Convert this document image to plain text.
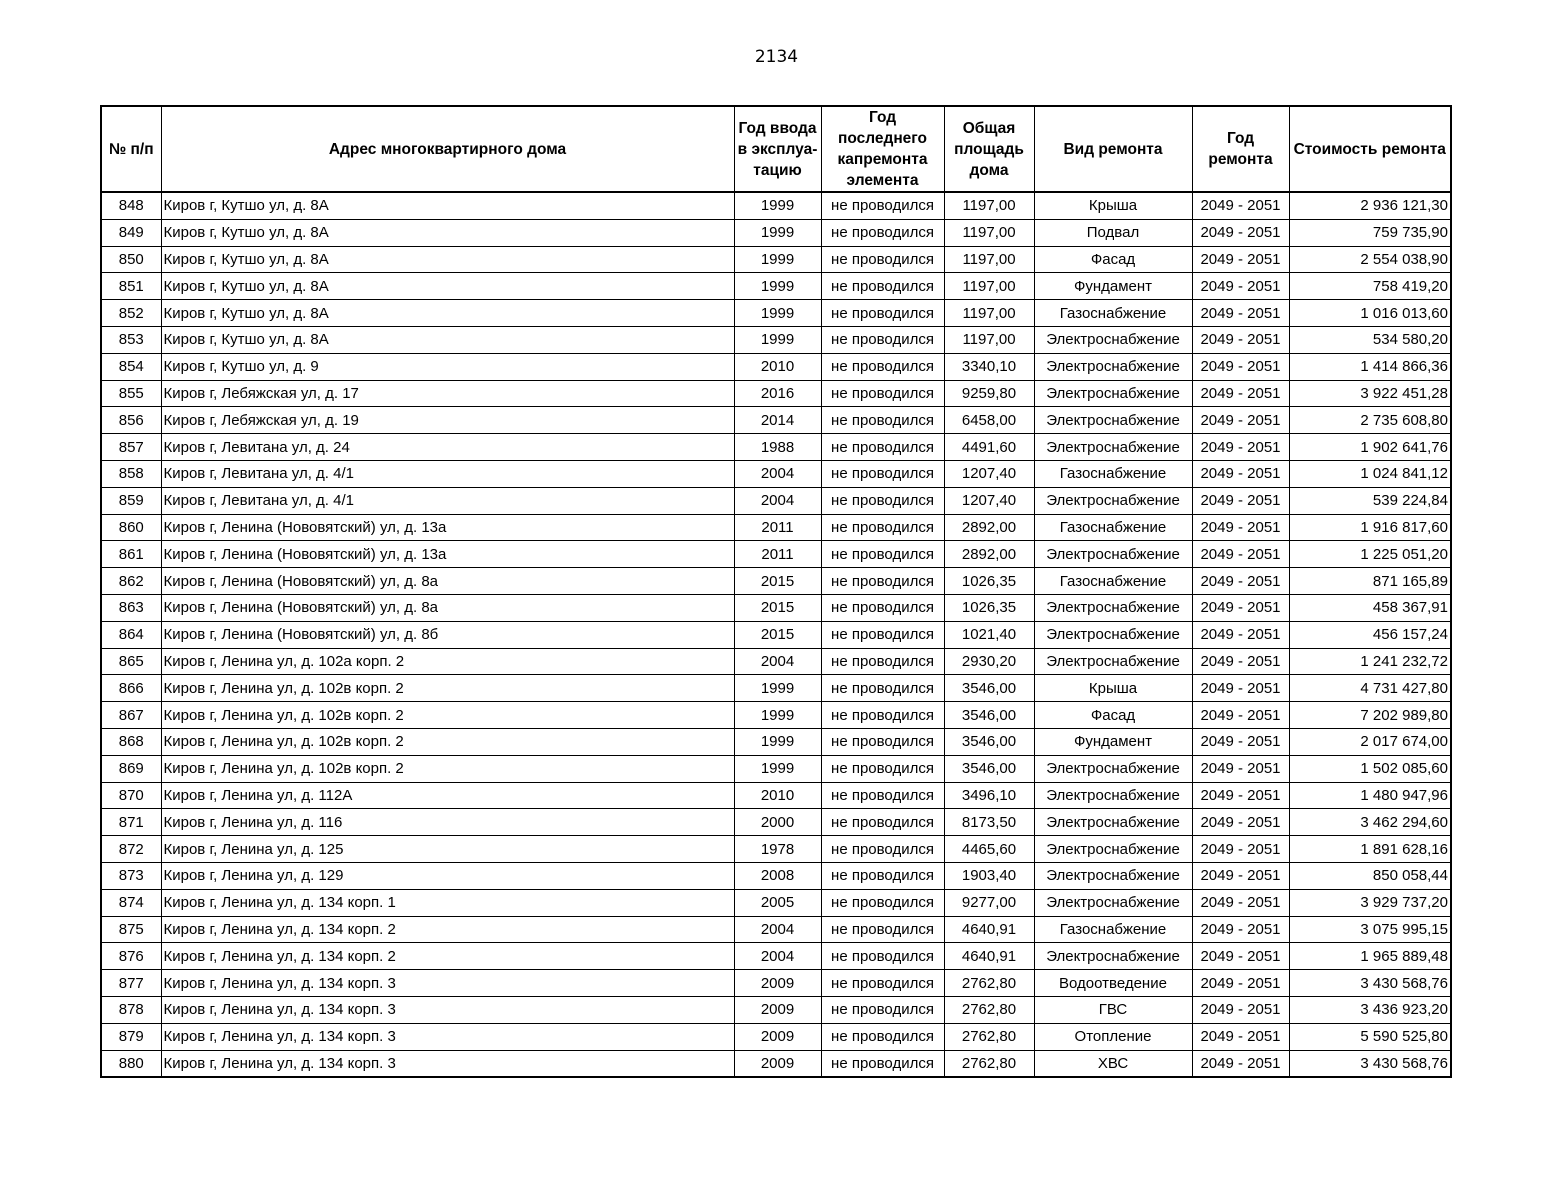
2134
№ п/п	Адрес многоквартирного дома	Год ввода в эксплуа-тацию	Год последнего капремонта элемента	Общая площадь дома	Вид ремонта	Год ремонта	Стоимость ремонта
848	Киров г, Кутшо ул, д. 8А	1999	не проводился	1197,00	Крыша	2049 - 2051	2 936 121,30
849	Киров г, Кутшо ул, д. 8А	1999	не проводился	1197,00	Подвал	2049 - 2051	759 735,90
850	Киров г, Кутшо ул, д. 8А	1999	не проводился	1197,00	Фасад	2049 - 2051	2 554 038,90
851	Киров г, Кутшо ул, д. 8А	1999	не проводился	1197,00	Фундамент	2049 - 2051	758 419,20
852	Киров г, Кутшо ул, д. 8А	1999	не проводился	1197,00	Газоснабжение	2049 - 2051	1 016 013,60
853	Киров г, Кутшо ул, д. 8А	1999	не проводился	1197,00	Электроснабжение	2049 - 2051	534 580,20
854	Киров г, Кутшо ул, д. 9	2010	не проводился	3340,10	Электроснабжение	2049 - 2051	1 414 866,36
855	Киров г, Лебяжская ул, д. 17	2016	не проводился	9259,80	Электроснабжение	2049 - 2051	3 922 451,28
856	Киров г, Лебяжская ул, д. 19	2014	не проводился	6458,00	Электроснабжение	2049 - 2051	2 735 608,80
857	Киров г, Левитана ул, д. 24	1988	не проводился	4491,60	Электроснабжение	2049 - 2051	1 902 641,76
858	Киров г, Левитана ул, д. 4/1	2004	не проводился	1207,40	Газоснабжение	2049 - 2051	1 024 841,12
859	Киров г, Левитана ул, д. 4/1	2004	не проводился	1207,40	Электроснабжение	2049 - 2051	539 224,84
860	Киров г, Ленина (Нововятский) ул, д. 13а	2011	не проводился	2892,00	Газоснабжение	2049 - 2051	1 916 817,60
861	Киров г, Ленина (Нововятский) ул, д. 13а	2011	не проводился	2892,00	Электроснабжение	2049 - 2051	1 225 051,20
862	Киров г, Ленина (Нововятский) ул, д. 8а	2015	не проводился	1026,35	Газоснабжение	2049 - 2051	871 165,89
863	Киров г, Ленина (Нововятский) ул, д. 8а	2015	не проводился	1026,35	Электроснабжение	2049 - 2051	458 367,91
864	Киров г, Ленина (Нововятский) ул, д. 8б	2015	не проводился	1021,40	Электроснабжение	2049 - 2051	456 157,24
865	Киров г, Ленина ул, д. 102а корп. 2	2004	не проводился	2930,20	Электроснабжение	2049 - 2051	1 241 232,72
866	Киров г, Ленина ул, д. 102в корп. 2	1999	не проводился	3546,00	Крыша	2049 - 2051	4 731 427,80
867	Киров г, Ленина ул, д. 102в корп. 2	1999	не проводился	3546,00	Фасад	2049 - 2051	7 202 989,80
868	Киров г, Ленина ул, д. 102в корп. 2	1999	не проводился	3546,00	Фундамент	2049 - 2051	2 017 674,00
869	Киров г, Ленина ул, д. 102в корп. 2	1999	не проводился	3546,00	Электроснабжение	2049 - 2051	1 502 085,60
870	Киров г, Ленина ул, д. 112А	2010	не проводился	3496,10	Электроснабжение	2049 - 2051	1 480 947,96
871	Киров г, Ленина ул, д. 116	2000	не проводился	8173,50	Электроснабжение	2049 - 2051	3 462 294,60
872	Киров г, Ленина ул, д. 125	1978	не проводился	4465,60	Электроснабжение	2049 - 2051	1 891 628,16
873	Киров г, Ленина ул, д. 129	2008	не проводился	1903,40	Электроснабжение	2049 - 2051	850 058,44
874	Киров г, Ленина ул, д. 134 корп. 1	2005	не проводился	9277,00	Электроснабжение	2049 - 2051	3 929 737,20
875	Киров г, Ленина ул, д. 134 корп. 2	2004	не проводился	4640,91	Газоснабжение	2049 - 2051	3 075 995,15
876	Киров г, Ленина ул, д. 134 корп. 2	2004	не проводился	4640,91	Электроснабжение	2049 - 2051	1 965 889,48
877	Киров г, Ленина ул, д. 134 корп. 3	2009	не проводился	2762,80	Водоотведение	2049 - 2051	3 430 568,76
878	Киров г, Ленина ул, д. 134 корп. 3	2009	не проводился	2762,80	ГВС	2049 - 2051	3 436 923,20
879	Киров г, Ленина ул, д. 134 корп. 3	2009	не проводился	2762,80	Отопление	2049 - 2051	5 590 525,80
880	Киров г, Ленина ул, д. 134 корп. 3	2009	не проводился	2762,80	ХВС	2049 - 2051	3 430 568,76
